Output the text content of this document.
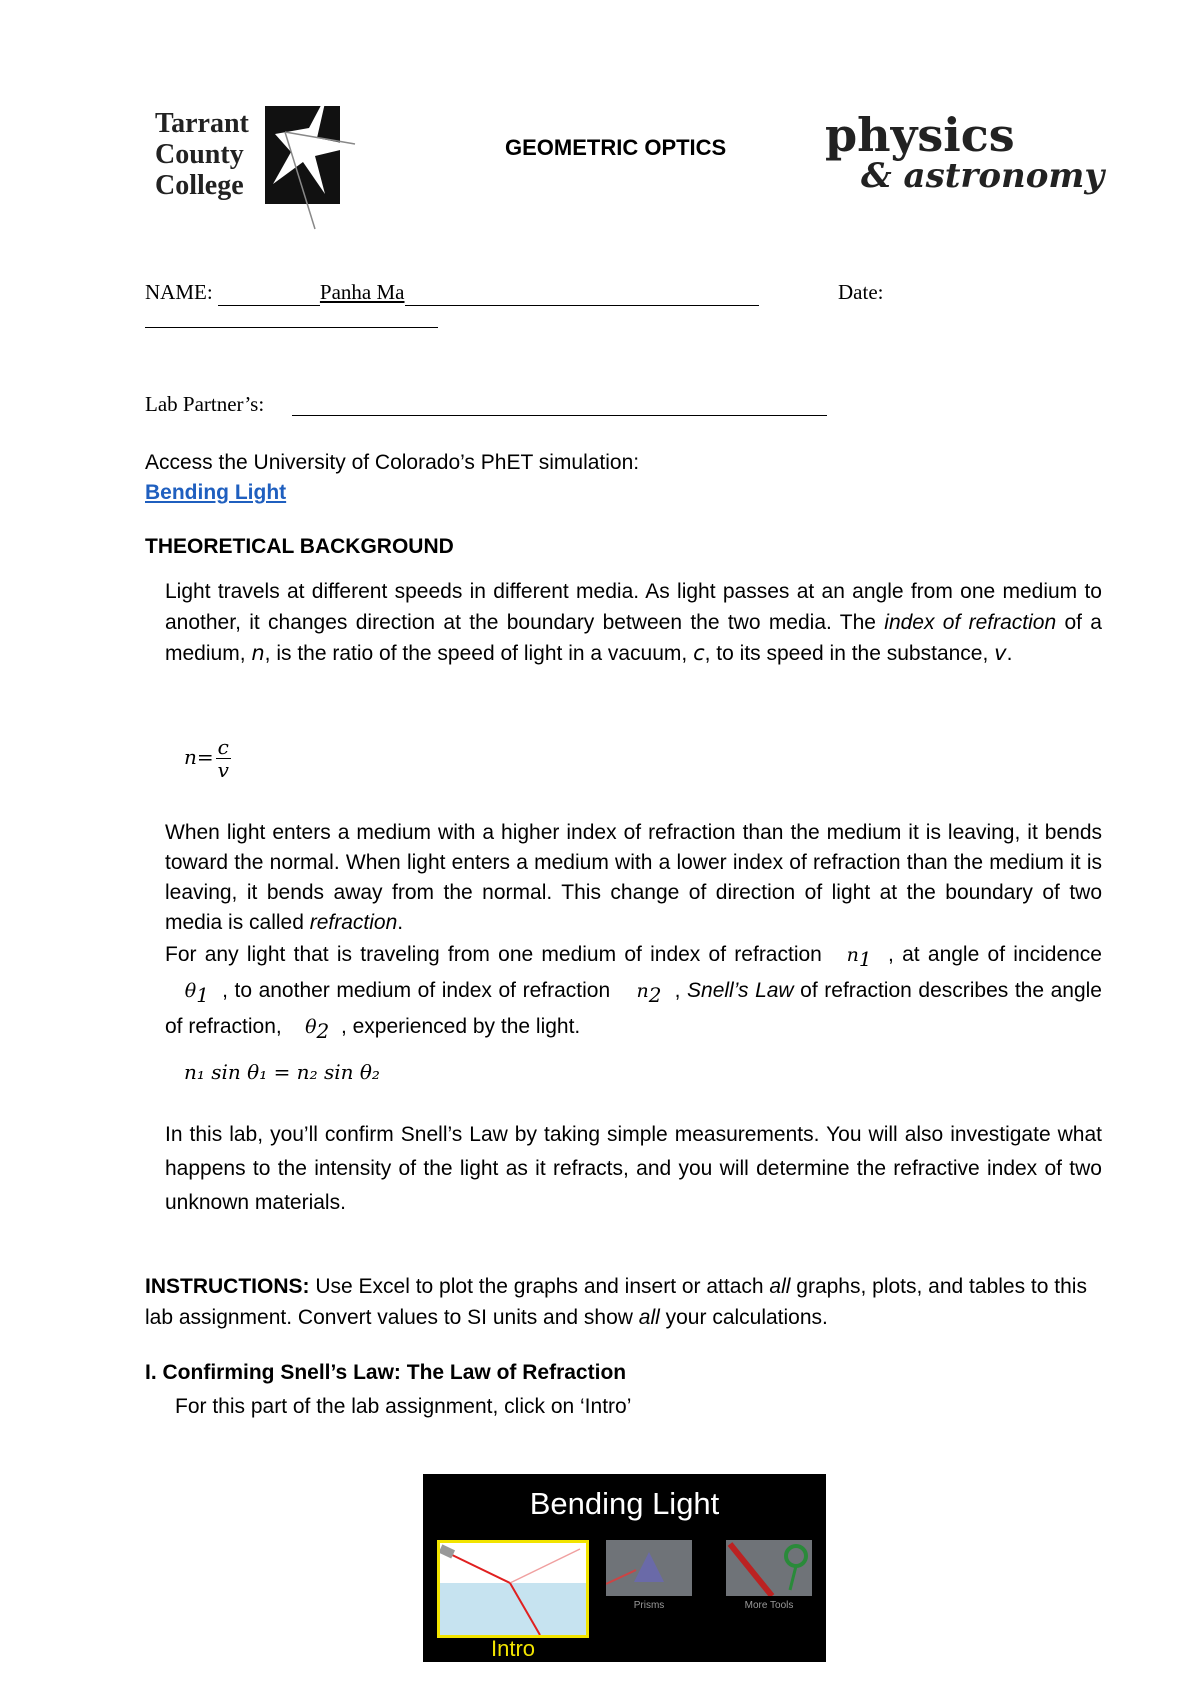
Tarrant
County
College
GEOMETRIC OPTICS physics
& astronomy
NAME:	Panha Ma	Date:
Lab Partner’s:
Access the University of Colorado’s PhET simulation:
Bending Light
THEORETICAL BACKGROUND
Light travels at different speeds in different media. As light passes at an angle from one medium to another, it changes direction at the boundary between the two media. The index of refraction of a medium, n, is the ratio of the speed of light in a vacuum, c, to its speed in the substance, v.
$n= \frac{c}{v}$
When light enters a medium with a higher index of refraction than the medium it is leaving, it bends toward the normal. When light enters a medium with a lower index of refraction than the medium it is leaving, it bends away from the normal. This change of direction of light at the boundary of two media is called refraction.
For any light that is traveling from one medium of index of refraction   $n_1$  , at angle of incidence    $\theta_1$  , to another medium of index of refraction    $n_2$  , Snell’s Law of refraction describes the angle of refraction,    $\theta_2$  , experienced by the light.
n₁ sin θ₁ = n₂ sin θ₂
In this lab, you’ll confirm Snell’s Law by taking simple measurements. You will also investigate what happens to the intensity of the light as it refracts, and you will determine the refractive index of two unknown materials.
INSTRUCTIONS: Use Excel to plot the graphs and insert or attach all graphs, plots, and tables to this lab assignment. Convert values to SI units and show all your calculations.
I. Confirming Snell’s Law: The Law of Refraction
For this part of the lab assignment, click on ‘Intro’
Bending Light
Intro
Prisms	More Tools
